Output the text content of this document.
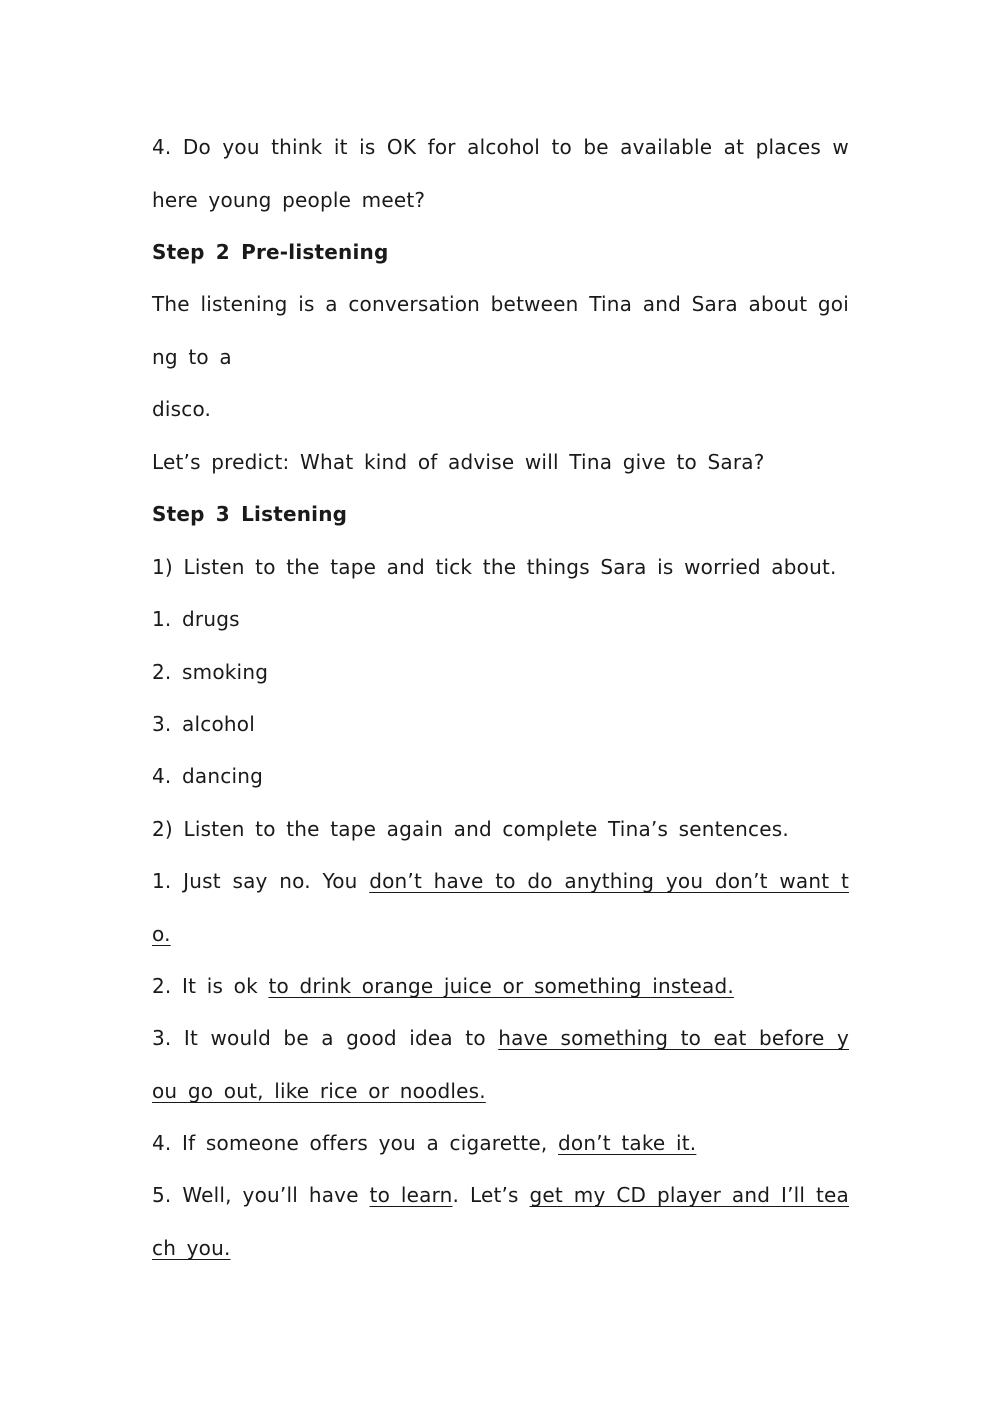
4. Do you think it is OK for alcohol to be available at places w
here young people meet?
Step 2 Pre-listening
The listening is a conversation between Tina and Sara about goi
ng to a
disco.
Let’s predict: What kind of advise will Tina give to Sara?
Step 3 Listening
1) Listen to the tape and tick the things Sara is worried about.
1. drugs
2. smoking
3. alcohol
4. dancing
2) Listen to the tape again and complete Tina’s sentences.
1. Just say no. You don’t have to do anything you don’t want t
o.
2. It is ok to drink orange juice or something instead.
3. It would be a good idea to have something to eat before y
ou go out, like rice or noodles.
4. If someone offers you a cigarette, don’t take it.
5. Well, you’ll have to learn. Let’s get my CD player and I’ll tea
ch you.
